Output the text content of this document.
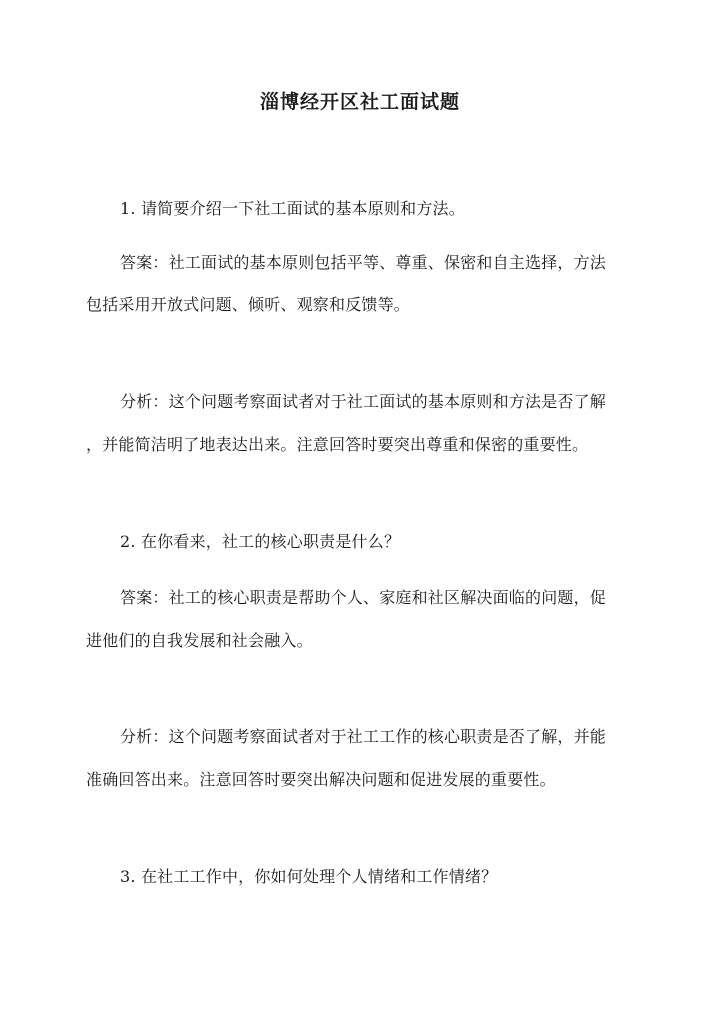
淄博经开区社工面试题
1. 请简要介绍一下社工面试的基本原则和方法。
答案：社工面试的基本原则包括平等、尊重、保密和自主选择，方法
包括采用开放式问题、倾听、观察和反馈等。
分析：这个问题考察面试者对于社工面试的基本原则和方法是否了解
，并能简洁明了地表达出来。注意回答时要突出尊重和保密的重要性。
2. 在你看来，社工的核心职责是什么？
答案：社工的核心职责是帮助个人、家庭和社区解决面临的问题，促
进他们的自我发展和社会融入。
分析：这个问题考察面试者对于社工工作的核心职责是否了解，并能
准确回答出来。注意回答时要突出解决问题和促进发展的重要性。
3. 在社工工作中，你如何处理个人情绪和工作情绪？
